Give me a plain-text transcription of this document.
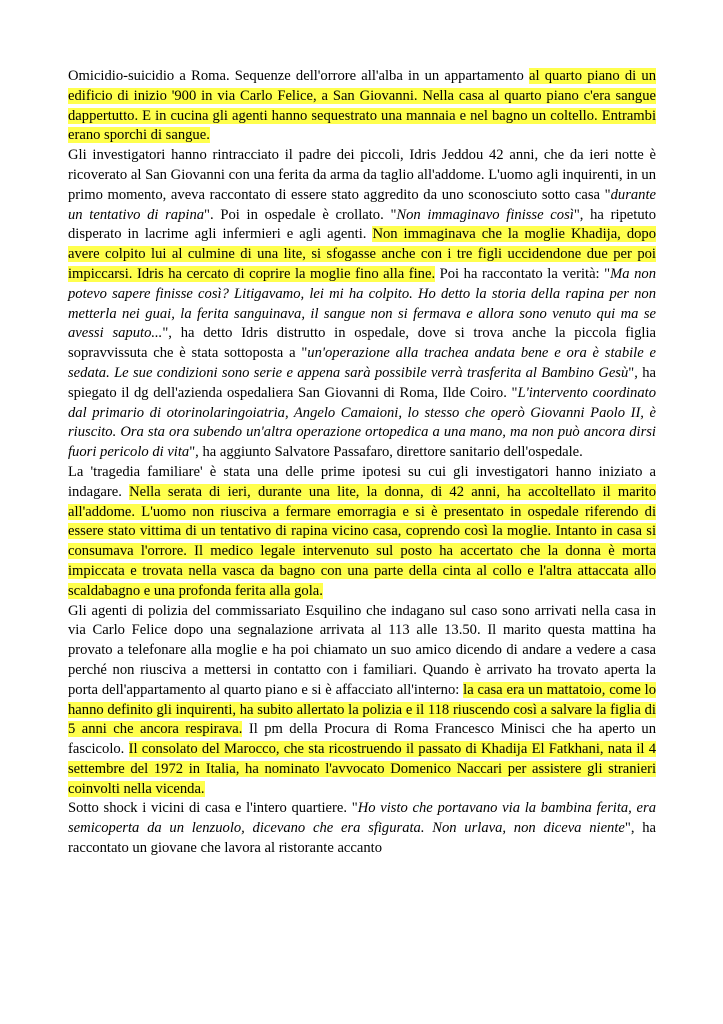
Omicidio-suicidio a Roma. Sequenze dell'orrore all'alba in un appartamento al quarto piano di un edificio di inizio '900 in via Carlo Felice, a San Giovanni. Nella casa al quarto piano c'era sangue dappertutto. E in cucina gli agenti hanno sequestrato una mannaia e nel bagno un coltello. Entrambi erano sporchi di sangue.

Gli investigatori hanno rintracciato il padre dei piccoli, Idris Jeddou 42 anni, che da ieri notte è ricoverato al San Giovanni con una ferita da arma da taglio all'addome. L'uomo agli inquirenti, in un primo momento, aveva raccontato di essere stato aggredito da uno sconosciuto sotto casa "durante un tentativo di rapina". Poi in ospedale è crollato. "Non immaginavo finisse così", ha ripetuto disperato in lacrime agli infermieri e agli agenti. Non immaginava che la moglie Khadija, dopo avere colpito lui al culmine di una lite, si sfogasse anche con i tre figli uccidendone due per poi impiccarsi. Idris ha cercato di coprire la moglie fino alla fine. Poi ha raccontato la verità: "Ma non potevo sapere finisse così? Litigavamo, lei mi ha colpito. Ho detto la storia della rapina per non metterla nei guai, la ferita sanguinava, il sangue non si fermava e allora sono venuto qui ma se avessi saputo...", ha detto Idris distrutto in ospedale, dove si trova anche la piccola figlia sopravvissuta che è stata sottoposta a "un'operazione alla trachea andata bene e ora è stabile e sedata. Le sue condizioni sono serie e appena sarà possibile verrà trasferita al Bambino Gesù", ha spiegato il dg dell'azienda ospedaliera San Giovanni di Roma, Ilde Coiro. "L'intervento coordinato dal primario di otorinolaringoiatria, Angelo Camaioni, lo stesso che operò Giovanni Paolo II, è riuscito. Ora sta ora subendo un'altra operazione ortopedica a una mano, ma non può ancora dirsi fuori pericolo di vita", ha aggiunto Salvatore Passafaro, direttore sanitario dell'ospedale.

La 'tragedia familiare' è stata una delle prime ipotesi su cui gli investigatori hanno iniziato a indagare. Nella serata di ieri, durante una lite, la donna, di 42 anni, ha accoltellato il marito all'addome. L'uomo non riusciva a fermare emorragia e si è presentato in ospedale riferendo di essere stato vittima di un tentativo di rapina vicino casa, coprendo così la moglie. Intanto in casa si consumava l'orrore. Il medico legale intervenuto sul posto ha accertato che la donna è morta impiccata e trovata nella vasca da bagno con una parte della cinta al collo e l'altra attaccata allo scaldabagno e una profonda ferita alla gola.

Gli agenti di polizia del commissariato Esquilino che indagano sul caso sono arrivati nella casa in via Carlo Felice dopo una segnalazione arrivata al 113 alle 13.50. Il marito questa mattina ha provato a telefonare alla moglie e ha poi chiamato un suo amico dicendo di andare a vedere a casa perché non riusciva a mettersi in contatto con i familiari. Quando è arrivato ha trovato aperta la porta dell'appartamento al quarto piano e si è affacciato all'interno: la casa era un mattatoio, come lo hanno definito gli inquirenti, ha subito allertato la polizia e il 118 riuscendo così a salvare la figlia di 5 anni che ancora respirava. Il pm della Procura di Roma Francesco Minisci che ha aperto un fascicolo. Il consolato del Marocco, che sta ricostruendo il passato di Khadija El Fatkhani, nata il 4 settembre del 1972 in Italia, ha nominato l'avvocato Domenico Naccari per assistere gli stranieri coinvolti nella vicenda.

Sotto shock i vicini di casa e l'intero quartiere. "Ho visto che portavano via la bambina ferita, era semicoperta da un lenzuolo, dicevano che era sfigurata. Non urlava, non diceva niente", ha raccontato un giovane che lavora al ristorante accanto
